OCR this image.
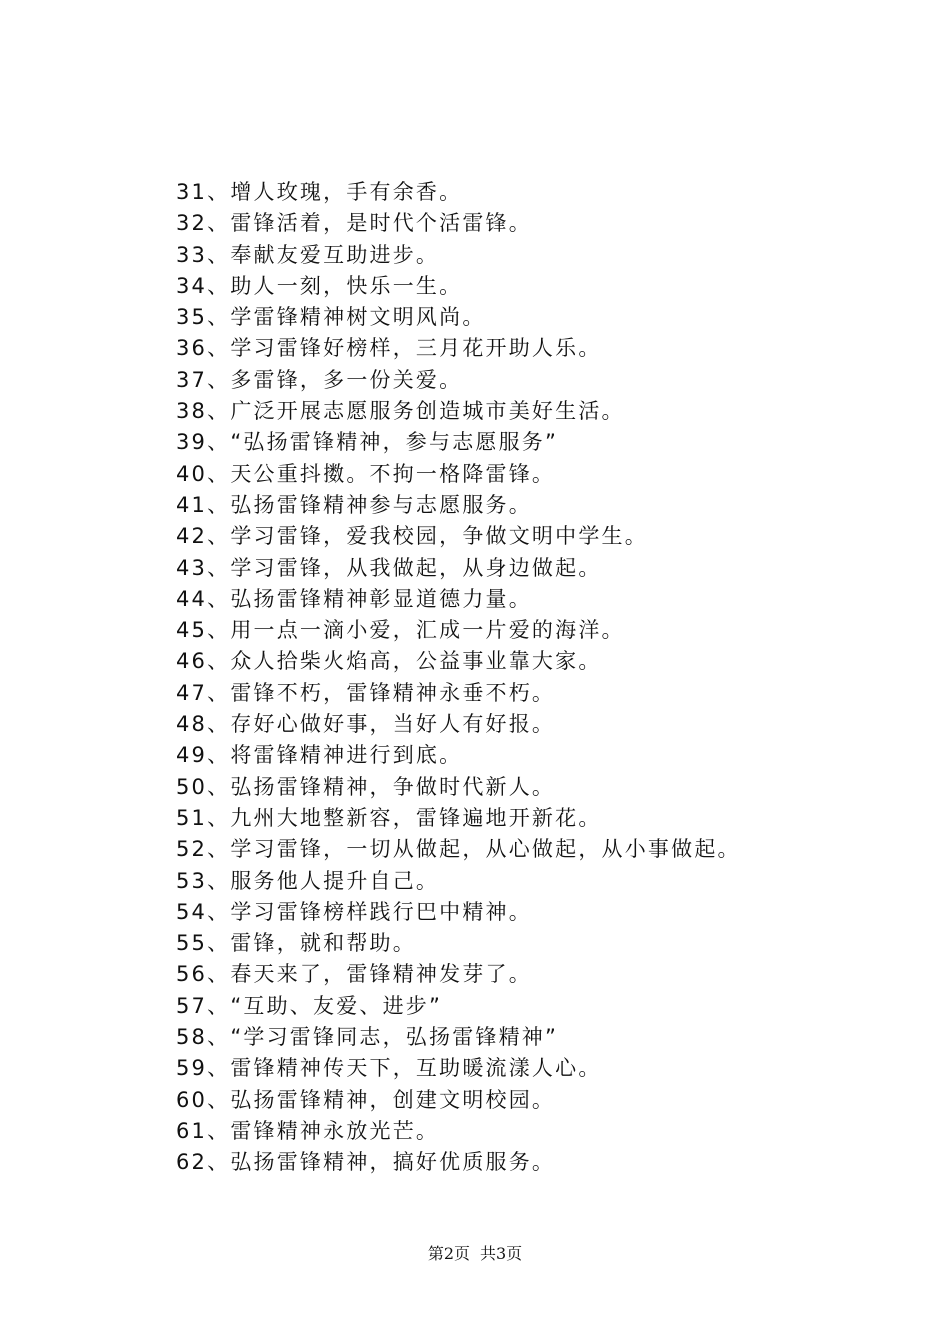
31、增人玫瑰，手有余香。
32、雷锋活着，是时代个活雷锋。
33、奉献友爱互助进步。
34、助人一刻，快乐一生。
35、学雷锋精神树文明风尚。
36、学习雷锋好榜样，三月花开助人乐。
37、多雷锋，多一份关爱。
38、广泛开展志愿服务创造城市美好生活。
39、“弘扬雷锋精神，参与志愿服务”
40、天公重抖擞。不拘一格降雷锋。
41、弘扬雷锋精神参与志愿服务。
42、学习雷锋，爱我校园，争做文明中学生。
43、学习雷锋，从我做起，从身边做起。
44、弘扬雷锋精神彰显道德力量。
45、用一点一滴小爱，汇成一片爱的海洋。
46、众人拾柴火焰高，公益事业靠大家。
47、雷锋不朽，雷锋精神永垂不朽。
48、存好心做好事，当好人有好报。
49、将雷锋精神进行到底。
50、弘扬雷锋精神，争做时代新人。
51、九州大地整新容，雷锋遍地开新花。
52、学习雷锋，一切从做起，从心做起，从小事做起。
53、服务他人提升自己。
54、学习雷锋榜样践行巴中精神。
55、雷锋，就和帮助。
56、春天来了，雷锋精神发芽了。
57、“互助、友爱、进步”
58、“学习雷锋同志，弘扬雷锋精神”
59、雷锋精神传天下，互助暖流漾人心。
60、弘扬雷锋精神，创建文明校园。
61、雷锋精神永放光芒。
62、弘扬雷锋精神，搞好优质服务。
第2页 共3页
